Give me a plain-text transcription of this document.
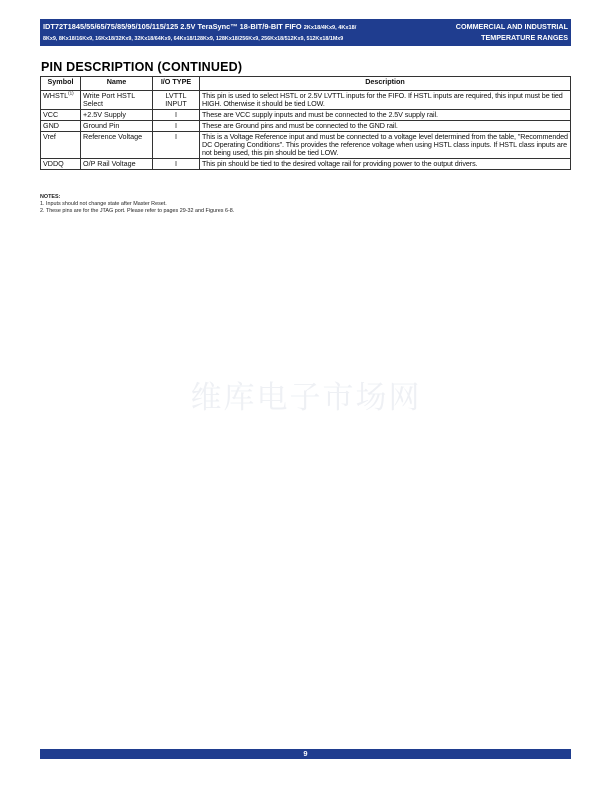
IDT72T1845/55/65/75/85/95/105/115/125 2.5V TeraSync™ 18-BIT/9-BIT FIFO 2Kx18/4Kx9, 4Kx18/
8Kx9, 8Kx18/16Kx9, 16Kx18/32Kx9, 32Kx18/64Kx9, 64Kx18/128Kx9, 128Kx18/256Kx9, 256Kx18/512Kx9, 512Kx18/1Mx9
COMMERCIAL AND INDUSTRIAL
TEMPERATURE RANGES
PIN DESCRIPTION (CONTINUED)
Symbol	Name	I/O TYPE	Description
WHSTL$^{(1)}$	Write Port HSTL Select	LVTTL INPUT	This pin is used to select HSTL or 2.5V LVTTL inputs for the FIFO. If HSTL inputs are required, this input must be tied HIGH. Otherwise it should be tied LOW.
VCC	+2.5V Supply	I	These are VCC supply inputs and must be connected to the 2.5V supply rail.
GND	Ground Pin	I	These are Ground pins and must be connected to the GND rail.
Vref	Reference Voltage	I	This is a Voltage Reference input and must be connected to a voltage level determined from the table, "Recommended DC Operating Conditions". This provides the reference voltage when using HSTL class inputs. If HSTL class inputs are not being used, this pin should be tied LOW.
VDDQ	O/P Rail Voltage	I	This pin should be tied to the desired voltage rail for providing power to the output drivers.
NOTES:
1. Inputs should not change state after Master Reset.
2. These pins are for the JTAG port. Please refer to pages 29-32 and Figures 6-8.
维库电子市场网
9
